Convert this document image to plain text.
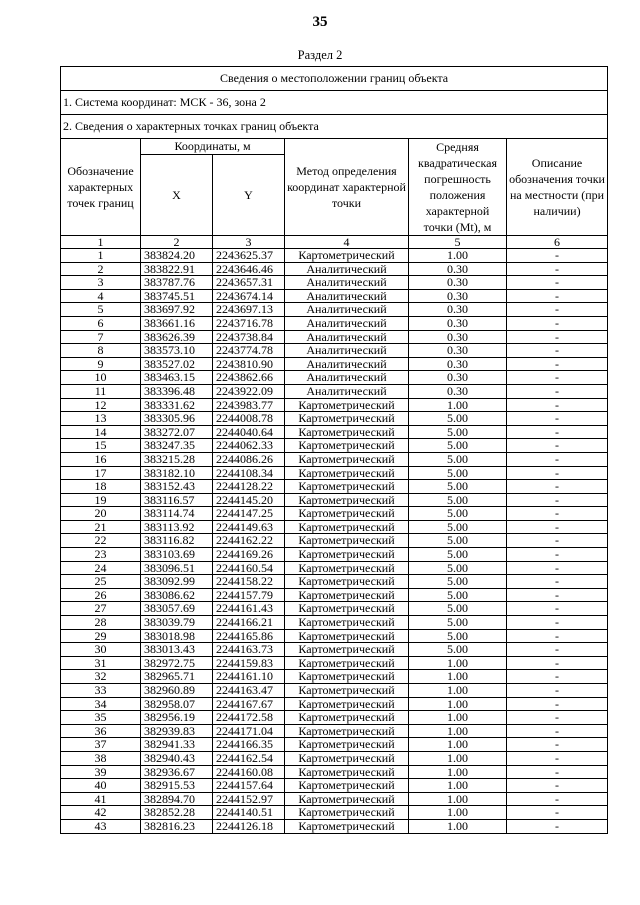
35
Раздел 2
Сведения о местоположении границ объекта					
1. Система координат: МСК - 36, зона 2					
2. Сведения о характерных точках границ объекта					
Обозначение характерных точек границ	Координаты, м		Метод определения координат характерной точки	Средняя квадратическая погрешность положения характерной точки (Mt), м	Описание обозначения точки на местности (при наличии)
	X	Y			
1	2	3	4	5	6
1	383824.20	2243625.37	Картометрический	1.00	-
2	383822.91	2243646.46	Аналитический	0.30	-
3	383787.76	2243657.31	Аналитический	0.30	-
4	383745.51	2243674.14	Аналитический	0.30	-
5	383697.92	2243697.13	Аналитический	0.30	-
6	383661.16	2243716.78	Аналитический	0.30	-
7	383626.39	2243738.84	Аналитический	0.30	-
8	383573.10	2243774.78	Аналитический	0.30	-
9	383527.02	2243810.90	Аналитический	0.30	-
10	383463.15	2243862.66	Аналитический	0.30	-
11	383396.48	2243922.09	Аналитический	0.30	-
12	383331.62	2243983.77	Картометрический	1.00	-
13	383305.96	2244008.78	Картометрический	5.00	-
14	383272.07	2244040.64	Картометрический	5.00	-
15	383247.35	2244062.33	Картометрический	5.00	-
16	383215.28	2244086.26	Картометрический	5.00	-
17	383182.10	2244108.34	Картометрический	5.00	-
18	383152.43	2244128.22	Картометрический	5.00	-
19	383116.57	2244145.20	Картометрический	5.00	-
20	383114.74	2244147.25	Картометрический	5.00	-
21	383113.92	2244149.63	Картометрический	5.00	-
22	383116.82	2244162.22	Картометрический	5.00	-
23	383103.69	2244169.26	Картометрический	5.00	-
24	383096.51	2244160.54	Картометрический	5.00	-
25	383092.99	2244158.22	Картометрический	5.00	-
26	383086.62	2244157.79	Картометрический	5.00	-
27	383057.69	2244161.43	Картометрический	5.00	-
28	383039.79	2244166.21	Картометрический	5.00	-
29	383018.98	2244165.86	Картометрический	5.00	-
30	383013.43	2244163.73	Картометрический	5.00	-
31	382972.75	2244159.83	Картометрический	1.00	-
32	382965.71	2244161.10	Картометрический	1.00	-
33	382960.89	2244163.47	Картометрический	1.00	-
34	382958.07	2244167.67	Картометрический	1.00	-
35	382956.19	2244172.58	Картометрический	1.00	-
36	382939.83	2244171.04	Картометрический	1.00	-
37	382941.33	2244166.35	Картометрический	1.00	-
38	382940.43	2244162.54	Картометрический	1.00	-
39	382936.67	2244160.08	Картометрический	1.00	-
40	382915.53	2244157.64	Картометрический	1.00	-
41	382894.70	2244152.97	Картометрический	1.00	-
42	382852.28	2244140.51	Картометрический	1.00	-
43	382816.23	2244126.18	Картометрический	1.00	-
